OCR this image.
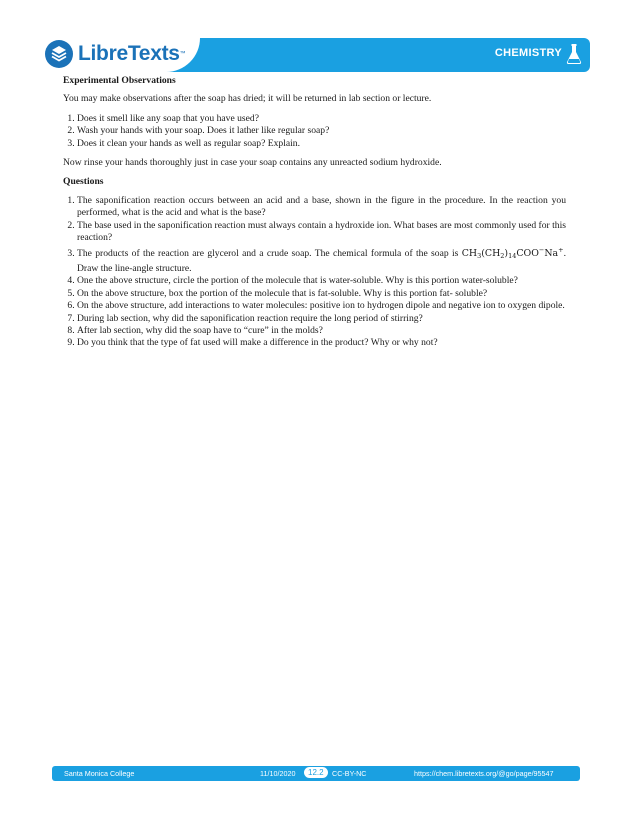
LibreTexts ™	CHEMISTRY
Experimental Observations

You may make observations after the soap has dried; it will be returned in lab section or lecture.

1. Does it smell like any soap that you have used?
2. Wash your hands with your soap. Does it lather like regular soap?
3. Does it clean your hands as well as regular soap? Explain.

Now rinse your hands thoroughly just in case your soap contains any unreacted sodium hydroxide.

Questions
1. The saponification reaction occurs between an acid and a base, shown in the figure in the procedure. In the reaction you performed, what is the acid and what is the base?
2. The base used in the saponification reaction must always contain a hydroxide ion. What bases are most commonly used for this reaction?
3. The products of the reaction are glycerol and a crude soap. The chemical formula of the soap is $CH_3(CH_2)_{14}COO^-Na^+$. Draw the line-angle structure.
4. One the above structure, circle the portion of the molecule that is water-soluble. Why is this portion water-soluble?
5. On the above structure, box the portion of the molecule that is fat-soluble. Why is this portion fat- soluble?
6. On the above structure, add interactions to water molecules: positive ion to hydrogen dipole and negative ion to oxygen dipole.
7. During lab section, why did the saponification reaction require the long period of stirring?
8. After lab section, why did the soap have to “cure” in the molds?
9. Do you think that the type of fat used will make a difference in the product? Why or why not?
Santa Monica College	11/10/2020	12.2	CC-BY-NC	https://chem.libretexts.org/@go/page/95547
